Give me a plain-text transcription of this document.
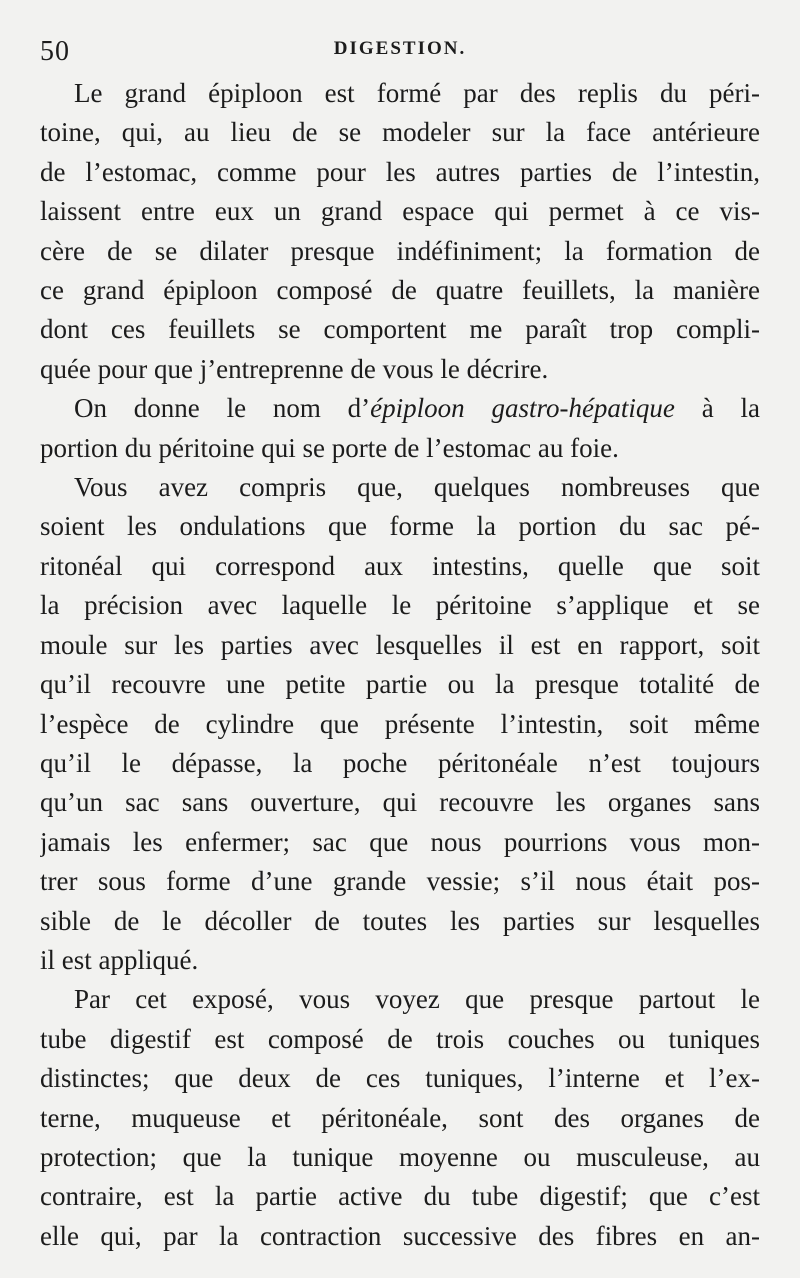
50	DIGESTION.

Le grand épiploon est formé par des replis du péri-
toine, qui, au lieu de se modeler sur la face antérieure
de l’estomac, comme pour les autres parties de l’intestin,
laissent entre eux un grand espace qui permet à ce vis-
cère de se dilater presque indéfiniment; la formation de
ce grand épiploon composé de quatre feuillets, la manière
dont ces feuillets se comportent me paraît trop compli-
quée pour que j’entreprenne de vous le décrire.

On donne le nom d’épiploon gastro-hépatique à la
portion du péritoine qui se porte de l’estomac au foie.

Vous avez compris que, quelques nombreuses que
soient les ondulations que forme la portion du sac pé-
ritonéal qui correspond aux intestins, quelle que soit
la précision avec laquelle le péritoine s’applique et se
moule sur les parties avec lesquelles il est en rapport, soit
qu’il recouvre une petite partie ou la presque totalité de
l’espèce de cylindre que présente l’intestin, soit même
qu’il le dépasse, la poche péritonéale n’est toujours
qu’un sac sans ouverture, qui recouvre les organes sans
jamais les enfermer; sac que nous pourrions vous mon-
trer sous forme d’une grande vessie; s’il nous était pos-
sible de le décoller de toutes les parties sur lesquelles
il est appliqué.

Par cet exposé, vous voyez que presque partout le
tube digestif est composé de trois couches ou tuniques
distinctes; que deux de ces tuniques, l’interne et l’ex-
terne, muqueuse et péritonéale, sont des organes de
protection; que la tunique moyenne ou musculeuse, au
contraire, est la partie active du tube digestif; que c’est
elle qui, par la contraction successive des fibres en an-
